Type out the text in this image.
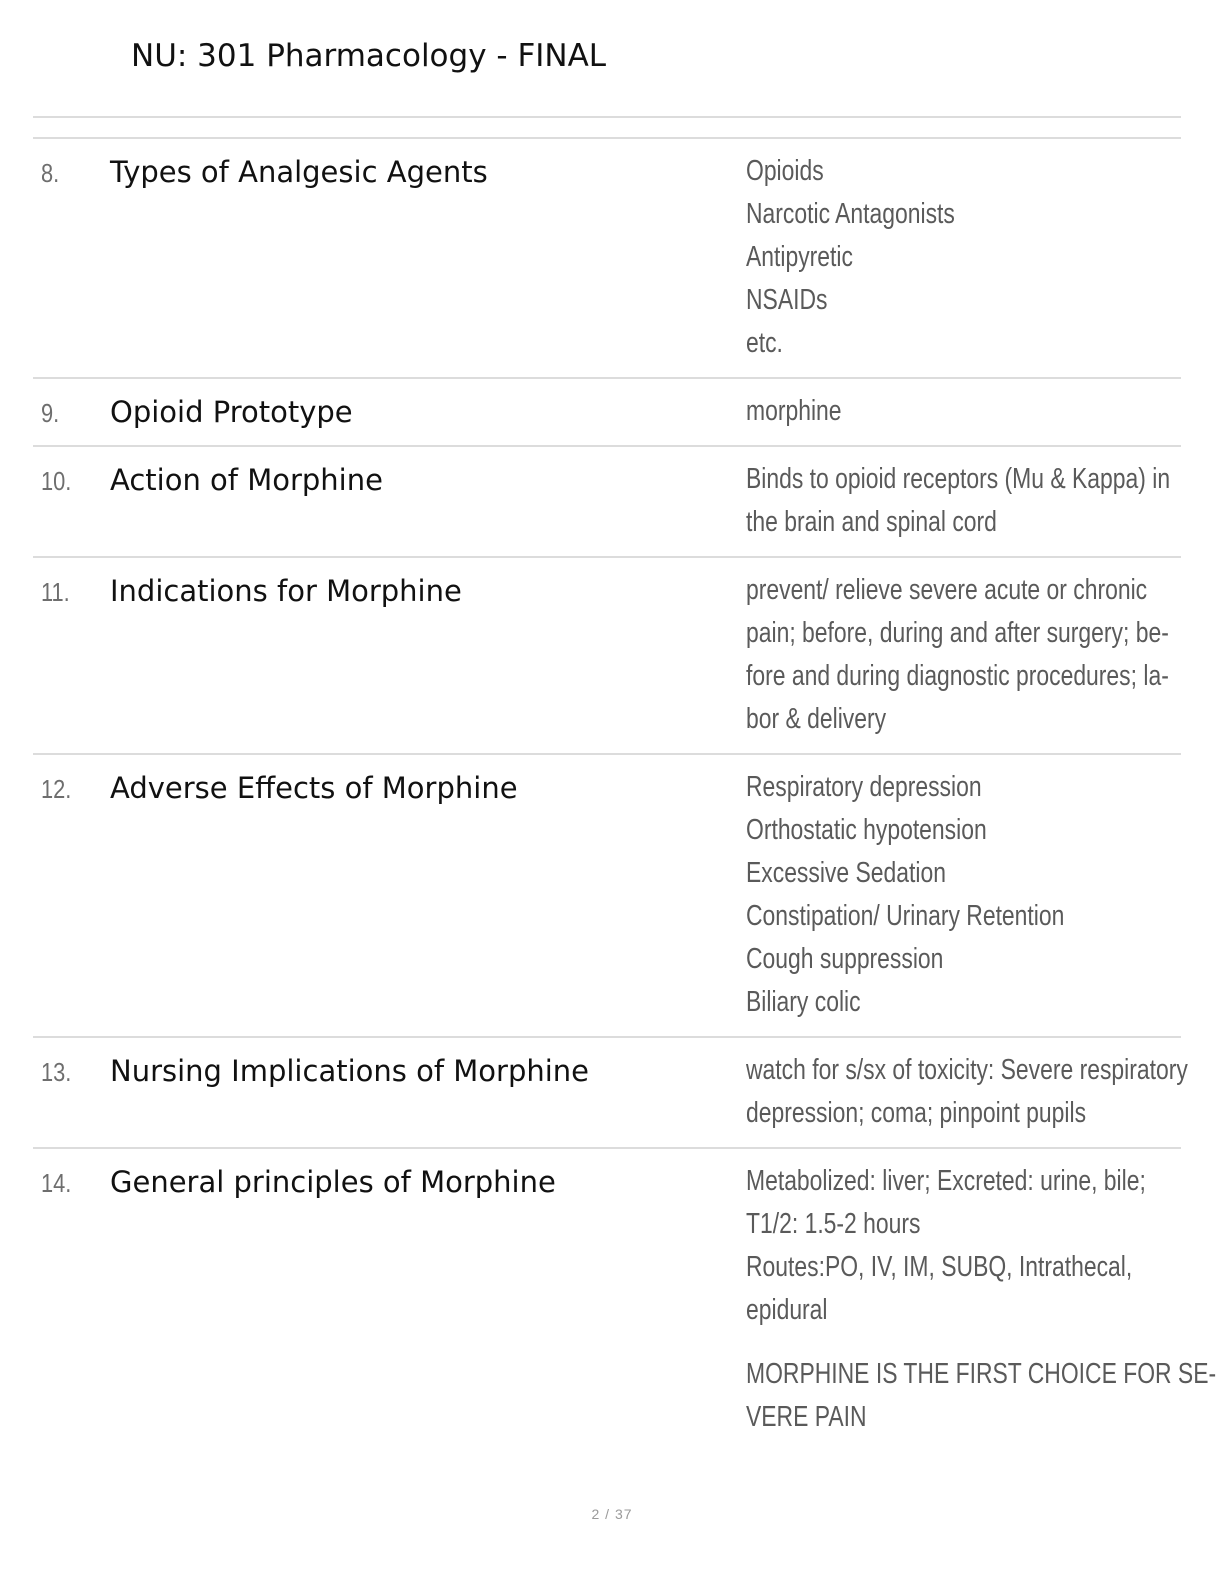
NU: 301 Pharmacology - FINAL
8. Types of Analgesic Agents	Opioids
Narcotic Antagonists
Antipyretic
NSAIDs
etc.
9. Opioid Prototype	morphine
10. Action of Morphine	Binds to opioid receptors (Mu & Kappa) in
the brain and spinal cord
11. Indications for Morphine	prevent/ relieve severe acute or chronic
pain; before, during and after surgery; be-
fore and during diagnostic procedures; la-
bor & delivery
12. Adverse Effects of Morphine	Respiratory depression
Orthostatic hypotension
Excessive Sedation
Constipation/ Urinary Retention
Cough suppression
Biliary colic
13. Nursing Implications of Morphine	watch for s/sx of toxicity: Severe respiratory
depression; coma; pinpoint pupils
14. General principles of Morphine	Metabolized: liver; Excreted: urine, bile;
T1/2: 1.5-2 hours
Routes:PO, IV, IM, SUBQ, Intrathecal,
epidural
MORPHINE IS THE FIRST CHOICE FOR SE-
VERE PAIN
2 / 37
